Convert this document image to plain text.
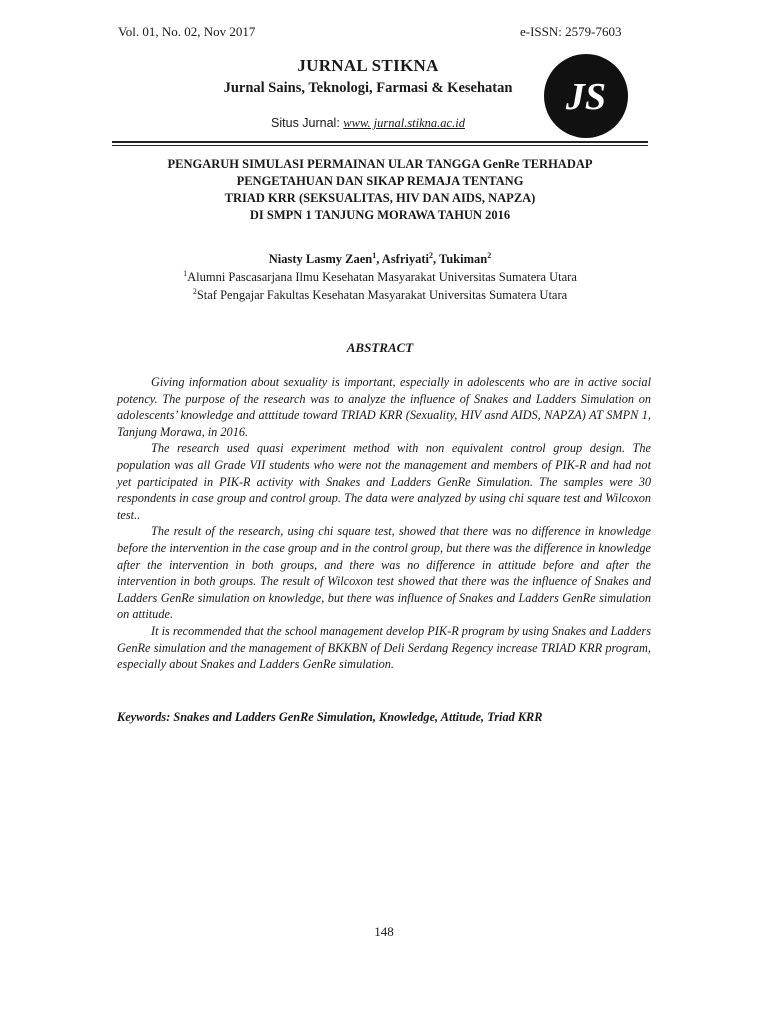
Vol. 01, No. 02, Nov 2017	e-ISSN: 2579-7603
JURNAL STIKNA
Jurnal Sains, Teknologi, Farmasi & Kesehatan
Situs Jurnal: www. jurnal.stikna.ac.id
JS
PENGARUH SIMULASI PERMAINAN ULAR TANGGA GenRe TERHADAP
PENGETAHUAN DAN SIKAP REMAJA TENTANG
TRIAD KRR (SEKSUALITAS, HIV DAN AIDS, NAPZA)
DI SMPN 1 TANJUNG MORAWA TAHUN 2016
Niasty Lasmy Zaen$^1$, Asfriyati$^2$, Tukiman$^2$
$^1$Alumni Pascasarjana Ilmu Kesehatan Masyarakat Universitas Sumatera Utara
$^2$Staf Pengajar Fakultas Kesehatan Masyarakat Universitas Sumatera Utara
ABSTRACT

Giving information about sexuality is important, especially in adolescents who are in active social potency. The purpose of the research was to analyze the influence of Snakes and Ladders Simulation on adolescents’ knowledge and atttitude toward TRIAD KRR (Sexuality, HIV asnd AIDS, NAPZA) AT SMPN 1, Tanjung Morawa, in 2016.

The research used quasi experiment method with non equivalent control group design. The population was all Grade VII students who were not the management and members of PIK-R and had not yet participated in PIK-R activity with Snakes and Ladders GenRe Simulation. The samples were 30 respondents in case group and control group. The data were analyzed by using chi square test and Wilcoxon test..

The result of the research, using chi square test, showed that there was no difference in knowledge before the intervention in the case group and in the control group, but there was the difference in knowledge after the intervention in both groups, and there was no difference in attitude before and after the intervention in both groups. The result of Wilcoxon test showed that there was the influence of Snakes and Ladders GenRe simulation on knowledge, but there was influence of Snakes and Ladders GenRe simulation on attitude.

It is recommended that the school management develop PIK-R program by using Snakes and Ladders GenRe simulation and the management of BKKBN of Deli Serdang Regency increase TRIAD KRR program, especially about Snakes and Ladders GenRe simulation.

Keywords: Snakes and Ladders GenRe Simulation, Knowledge, Attitude, Triad KRR
148
